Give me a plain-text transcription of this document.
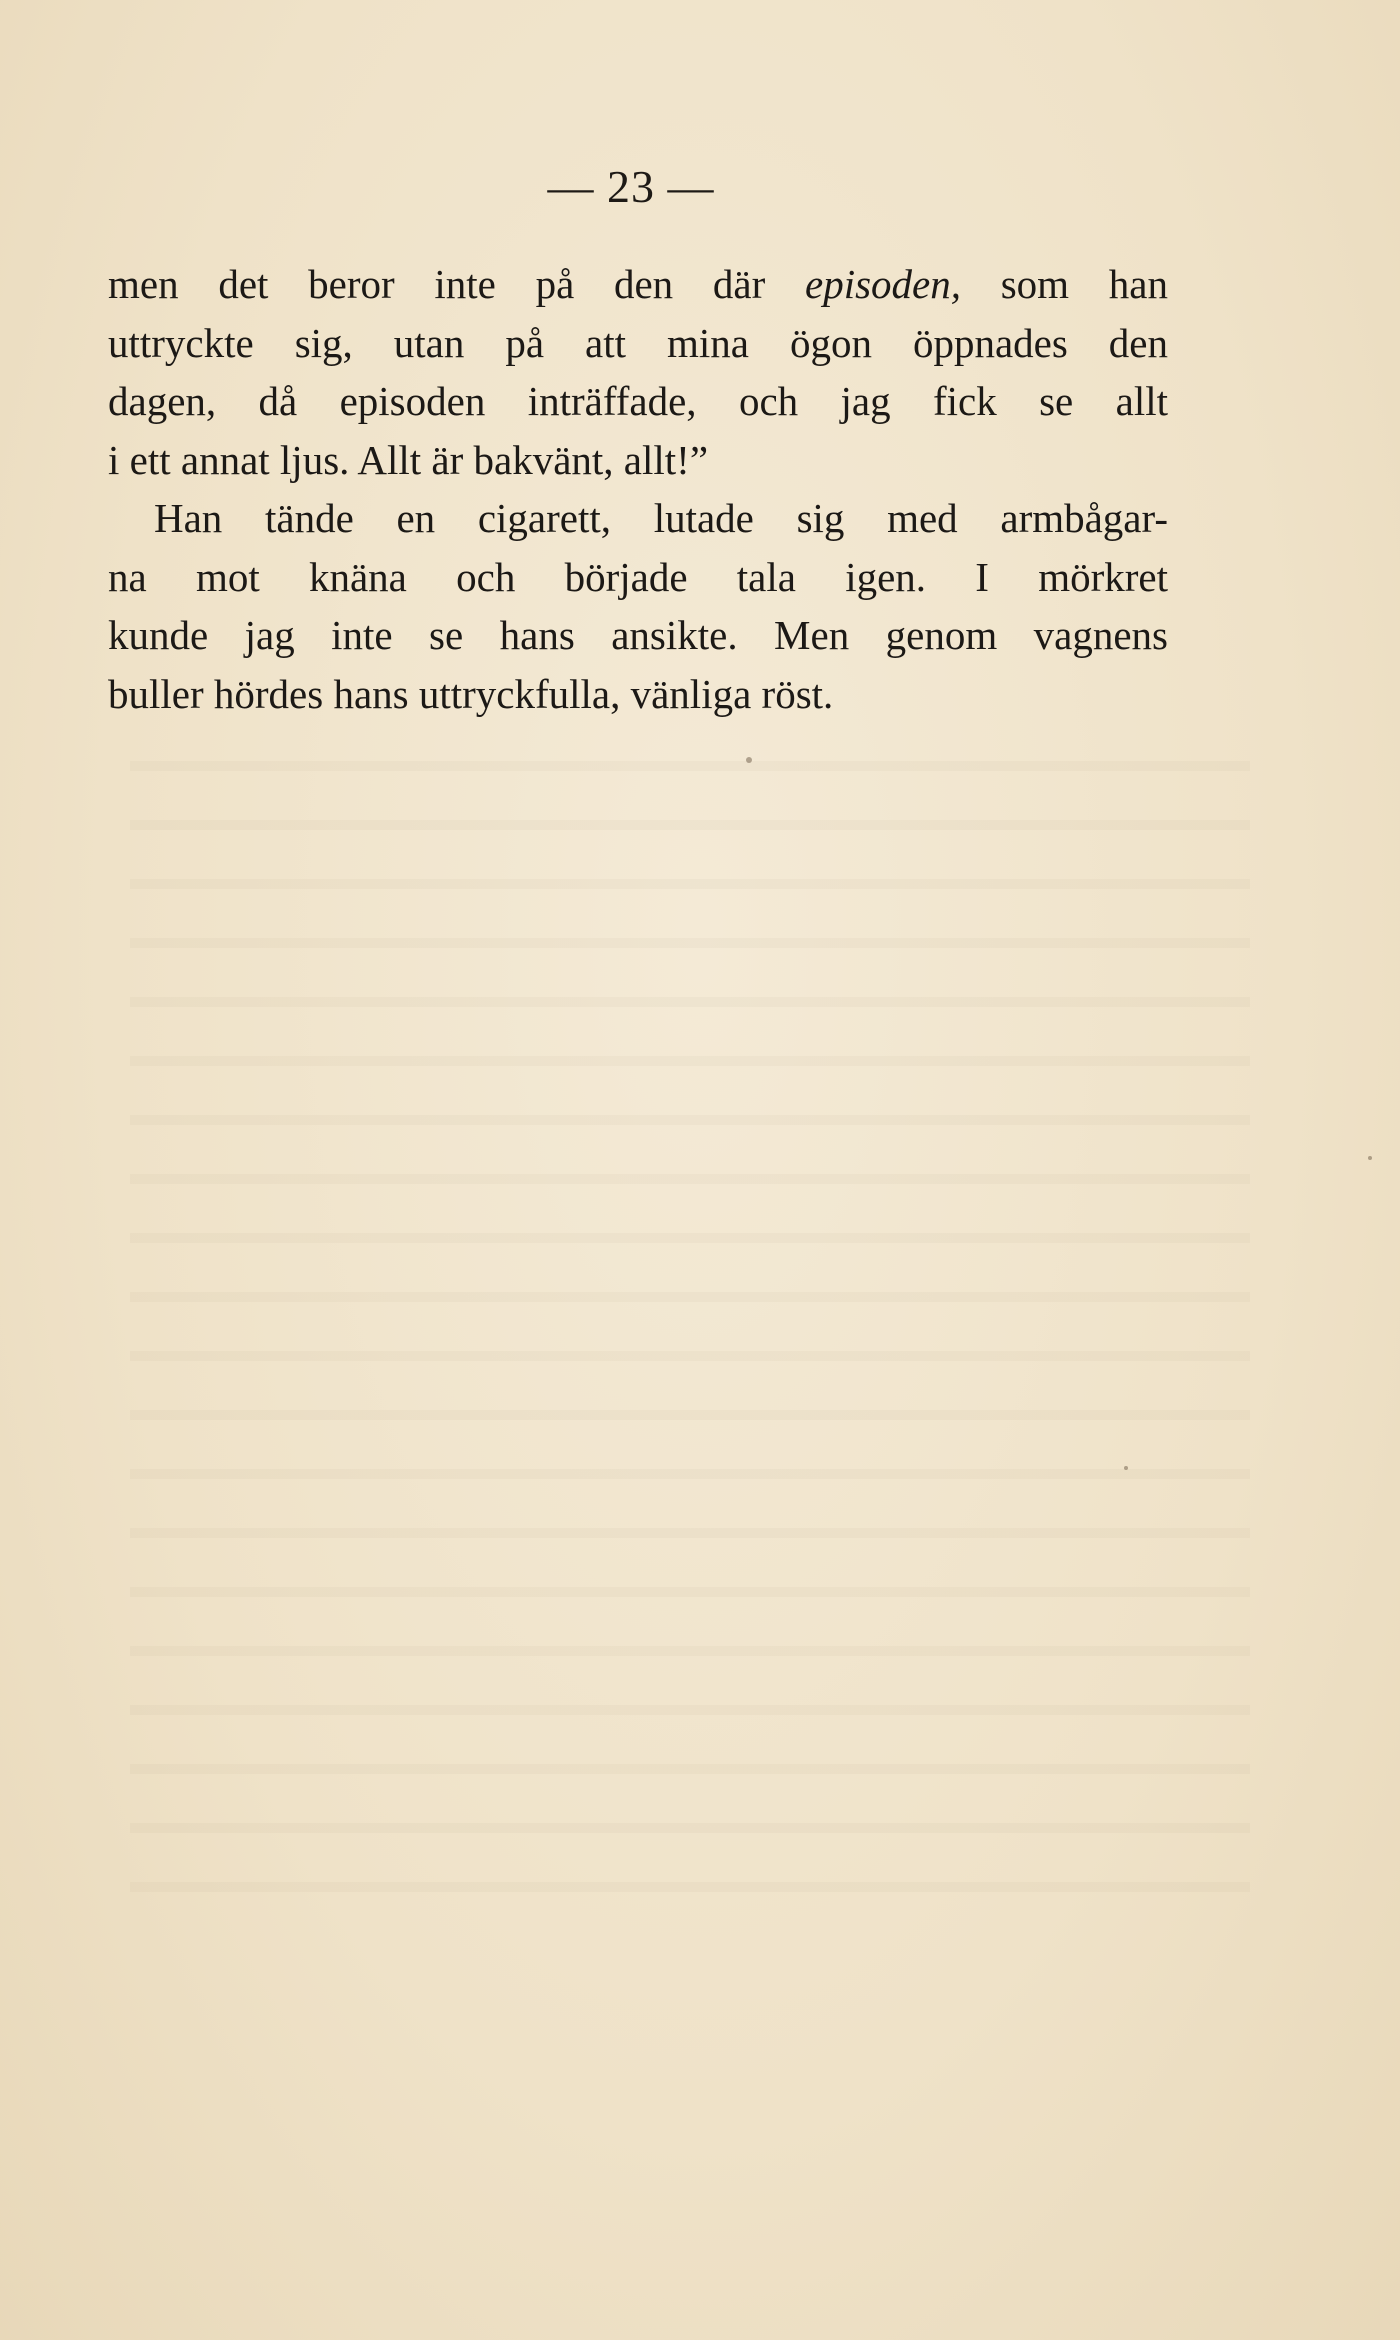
— 23 —
men det beror inte på den där episoden, som han
uttryckte sig, utan på att mina ögon öppnades den
dagen, då episoden inträffade, och jag fick se allt
i ett annat ljus. Allt är bakvänt, allt!”
Han tände en cigarett, lutade sig med armbågar-
na mot knäna och började tala igen. I mörkret
kunde jag inte se hans ansikte. Men genom vagnens
buller hördes hans uttryckfulla, vänliga röst.
